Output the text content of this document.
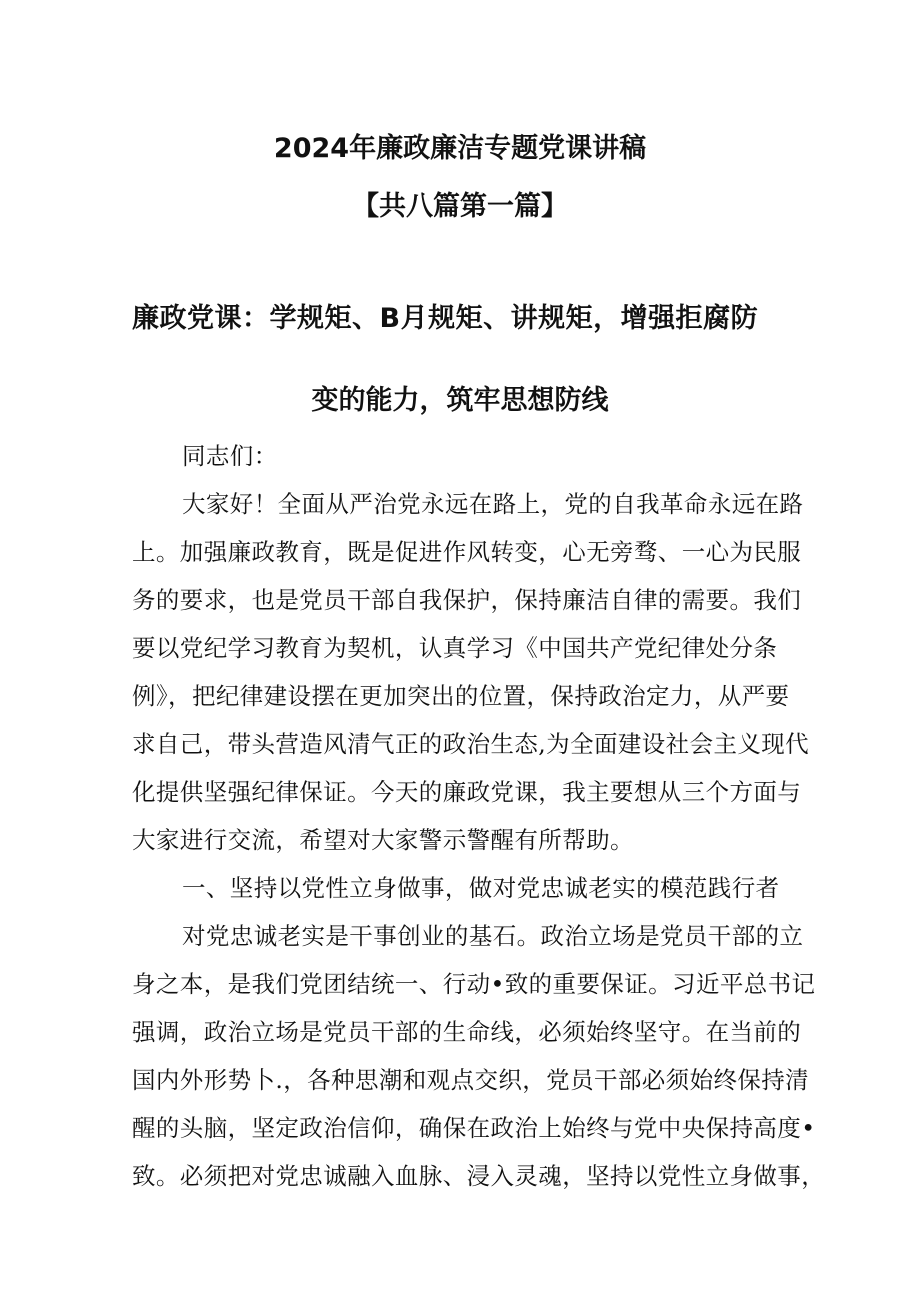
2024年廉政廉洁专题党课讲稿
【共八篇第一篇】
廉政党课：学规矩、B月规矩、讲规矩，增强拒腐防
变的能力，筑牢思想防线
同志们：
大家好！全面从严治党永远在路上，党的自我革命永远在路
上。加强廉政教育，既是促进作风转变，心无旁骛、一心为民服
务的要求，也是党员干部自我保护，保持廉洁自律的需要。我们
要以党纪学习教育为契机，认真学习《中国共产党纪律处分条
例》，把纪律建设摆在更加突出的位置，保持政治定力，从严要
求自己，带头营造风清气正的政治生态,为全面建设社会主义现代
化提供坚强纪律保证。今天的廉政党课，我主要想从三个方面与
大家进行交流，希望对大家警示警醒有所帮助。
一、坚持以党性立身做事，做对党忠诚老实的模范践行者
对党忠诚老实是干事创业的基石。政治立场是党员干部的立
身之本，是我们党团结统一、行动•致的重要保证。习近平总书记
强调，政治立场是党员干部的生命线，必须始终坚守。在当前的
国内外形势卜.，各种思潮和观点交织，党员干部必须始终保持清
醒的头脑，坚定政治信仰，确保在政治上始终与党中央保持高度•
致。必须把对党忠诚融入血脉、浸入灵魂，坚持以党性立身做事，
